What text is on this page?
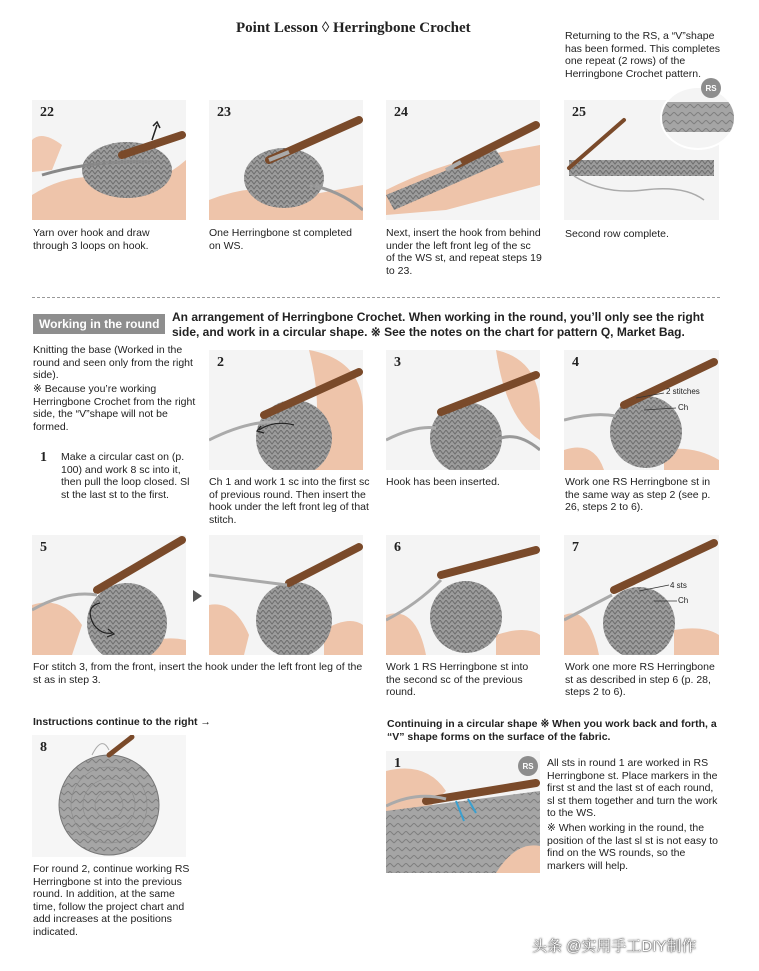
Point Lesson ◊ Herringbone Crochet	Returning to the RS, a “V”shape has been formed. This completes one repeat (2 rows) of the Herringbone Crochet pattern.
22
Yarn over hook and draw through 3 loops on hook.
23
One Herringbone st completed on WS.
24
Next, insert the hook from behind under the left front leg of the sc of the WS st, and repeat steps 19 to 23.
25
RS
Second row complete.
Working in the round	An arrangement of Herringbone Crochet. When working in the round, you’ll only see the right side, and work in a circular shape. ※ See the notes on the chart for pattern Q, Market Bag.
Knitting the base (Worked in the round and seen only from the right side).
※ Because you’re working Herringbone Crochet from the right side, the “V”shape will not be formed.
1 Make a circular cast on (p. 100) and work 8 sc into it, then pull the loop closed. Sl st the last st to the first.
2
Ch 1 and work 1 sc into the first sc of previous round. Then insert the hook under the left front leg of that stitch.
3
Hook has been inserted.
4
2 stitches
Ch
Work one RS Herringbone st in the same way as step 2 (see p. 26, steps 2 to 6).
5
For stitch 3, from the front, insert the hook under the left front leg of the st as in step 3.
6
Work 1 RS Herringbone st into the second sc of the previous round.
7
4 sts
Ch
Work one more RS Herringbone st as described in step 6 (p. 28, steps 2 to 6).
Instructions continue to the right →
8
For round 2, continue working RS Herringbone st into the previous round. In addition, at the same time, follow the project chart and add increases at the positions indicated.
Continuing in a circular shape ※ When you work back and forth, a “V” shape forms on the surface of the fabric.
1	RS	All sts in round 1 are worked in RS Herringbone st. Place markers in the first st and the last st of each round, sl st them together and turn the work to the WS.
※ When working in the round, the position of the last sl st is not easy to find on the WS rounds, so the markers will help.
头条 @实用手工DIY制作
